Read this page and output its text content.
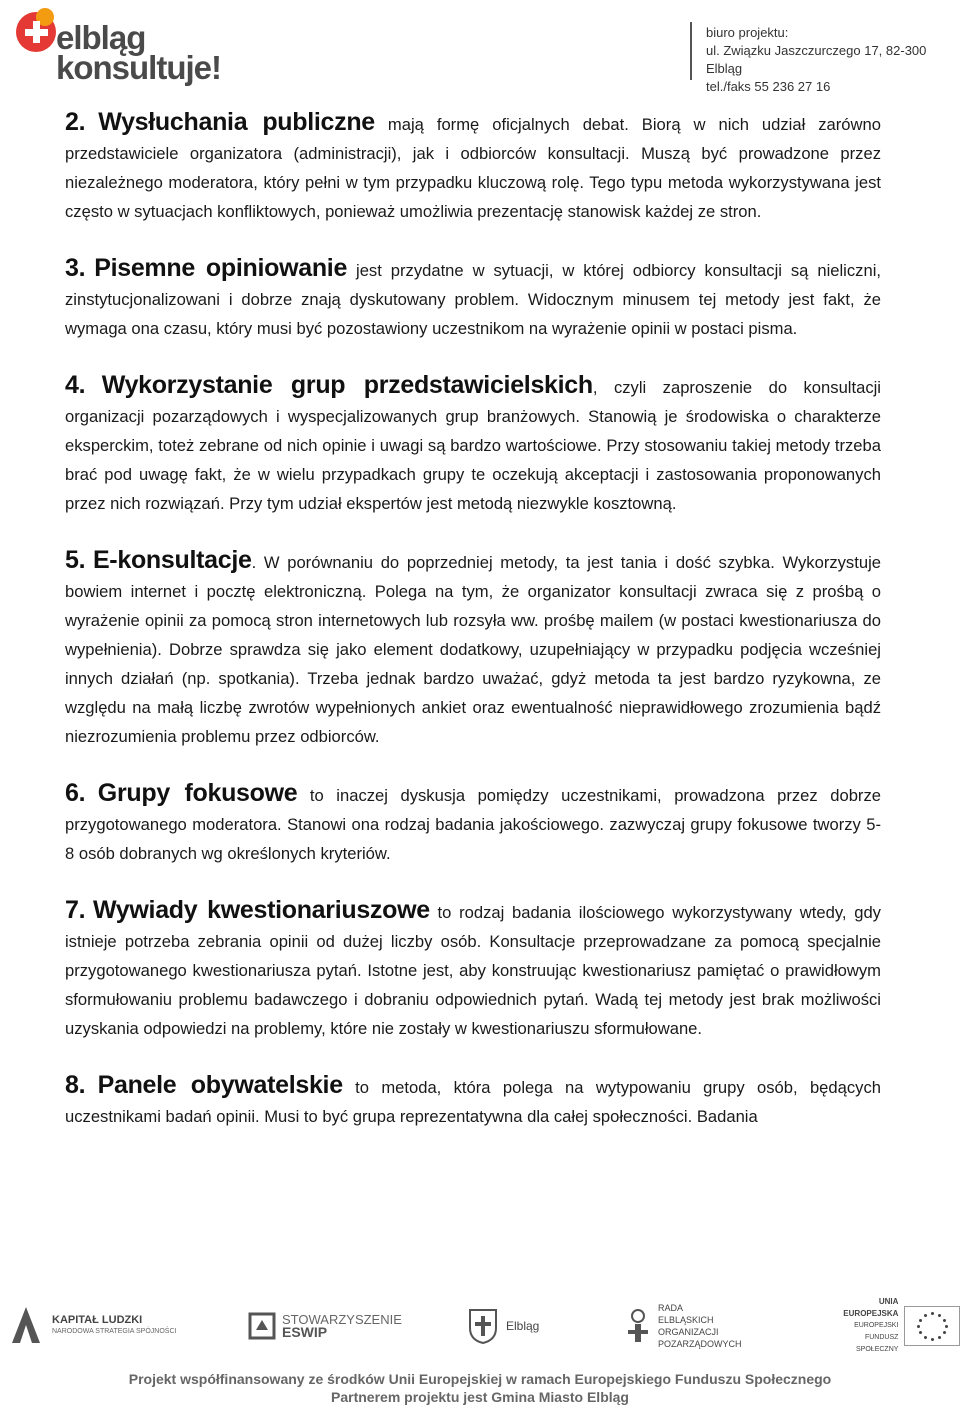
elbląg
konsultuje!
biuro projektu:
ul. Związku Jaszczurczego 17, 82-300 Elbląg
tel./faks 55 236 27 16

2. Wysłuchania publiczne mają formę oficjalnych debat. Biorą w nich udział zarówno przedstawiciele organizatora (administracji), jak i odbiorców konsultacji. Muszą być prowadzone przez niezależnego moderatora, który pełni w tym przypadku kluczową rolę. Tego typu metoda wykorzystywana jest często w sytuacjach konfliktowych, ponieważ umożliwia prezentację stanowisk każdej ze stron.

3. Pisemne opiniowanie jest przydatne w sytuacji, w której odbiorcy konsultacji są nieliczni, zinstytucjonalizowani i dobrze znają dyskutowany problem. Widocznym minusem tej metody jest fakt, że wymaga ona czasu, który musi być pozostawiony uczestnikom na wyrażenie opinii w postaci pisma.

4. Wykorzystanie grup przedstawicielskich, czyli zaproszenie do konsultacji organizacji pozarządowych i wyspecjalizowanych grup branżowych. Stanowią je środowiska o charakterze eksperckim, toteż zebrane od nich opinie i uwagi są bardzo wartościowe. Przy stosowaniu takiej metody trzeba brać pod uwagę fakt, że w wielu przypadkach grupy te oczekują akceptacji i zastosowania proponowanych przez nich rozwiązań. Przy tym udział ekspertów jest metodą niezwykle kosztowną.

5. E-konsultacje. W porównaniu do poprzedniej metody, ta jest tania i dość szybka. Wykorzystuje bowiem internet i pocztę elektroniczną. Polega na tym, że organizator konsultacji zwraca się z prośbą o wyrażenie opinii za pomocą stron internetowych lub rozsyła ww. prośbę mailem (w postaci kwestionariusza do wypełnienia). Dobrze sprawdza się jako element dodatkowy, uzupełniający w przypadku podjęcia wcześniej innych działań (np. spotkania). Trzeba jednak bardzo uważać, gdyż metoda ta jest bardzo ryzykowna, ze względu na małą liczbę zwrotów wypełnionych ankiet oraz ewentualność nieprawidłowego zrozumienia bądź niezrozumienia problemu przez odbiorców.

6. Grupy fokusowe to inaczej dyskusja pomiędzy uczestnikami, prowadzona przez dobrze przygotowanego moderatora. Stanowi ona rodzaj badania jakościowego. zazwyczaj grupy fokusowe tworzy 5-8 osób dobranych wg określonych kryteriów.

7. Wywiady kwestionariuszowe to rodzaj badania ilościowego wykorzystywany wtedy, gdy istnieje potrzeba zebrania opinii od dużej liczby osób. Konsultacje przeprowadzane za pomocą specjalnie przygotowanego kwestionariusza pytań. Istotne jest, aby konstruując kwestionariusz pamiętać o prawidłowym sformułowaniu problemu badawczego i dobraniu odpowiednich pytań. Wadą tej metody jest brak możliwości uzyskania odpowiedzi na problemy, które nie zostały w kwestionariuszu sformułowane.

8. Panele obywatelskie to metoda, która polega na wytypowaniu grupy osób, będących uczestnikami badań opinii. Musi to być grupa reprezentatywna dla całej społeczności. Badania

KAPITAŁ LUDZKI
NARODOWA STRATEGIA SPÓJNOŚCI
STOWARZYSZENIE
ESWIP	Elbląg
RADA
ELBLĄSKICH
ORGANIZACJI
POZARZĄDOWYCH
UNIA EUROPEJSKA
EUROPEJSKI
FUNDUSZ SPOŁECZNY
Projekt współfinansowany ze środków Unii Europejskiej w ramach Europejskiego Funduszu Społecznego
Partnerem projektu jest Gmina Miasto Elbląg
